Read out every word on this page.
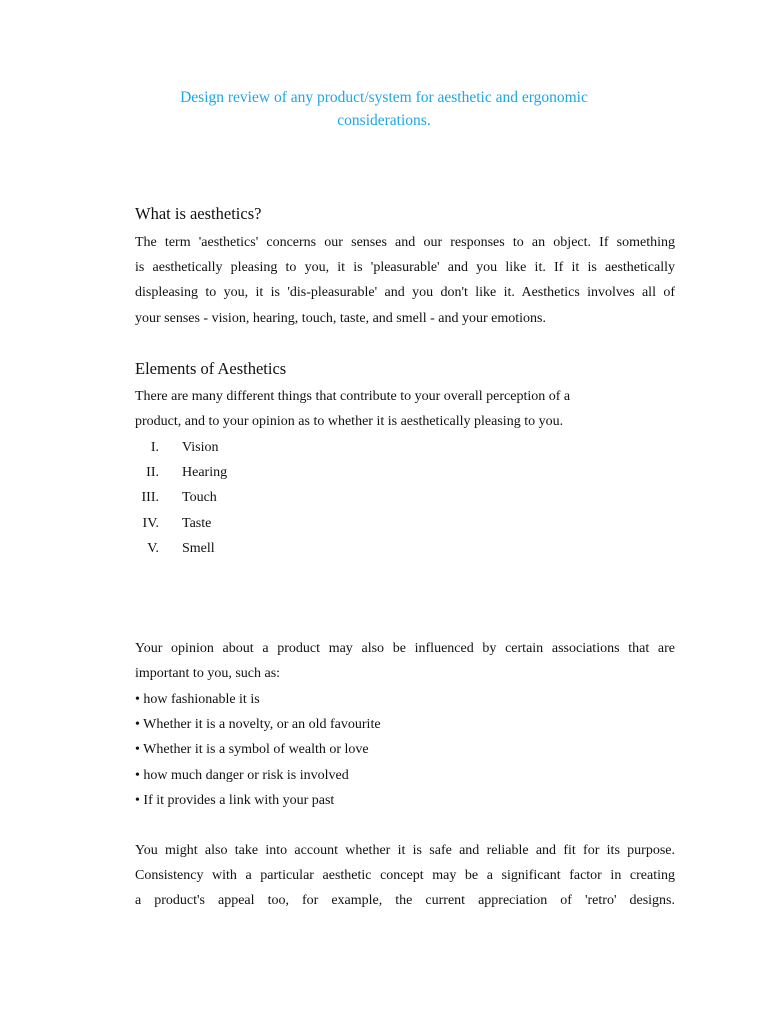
Design review of any product/system for aesthetic and ergonomic
considerations.
What is aesthetics?
The term 'aesthetics' concerns our senses and our responses to an object. If something
is aesthetically pleasing to you, it is 'pleasurable' and you like it. If it is aesthetically
displeasing to you, it is 'dis-pleasurable' and you don't like it. Aesthetics involves all of
your senses - vision, hearing, touch, taste, and smell - and your emotions.
Elements of Aesthetics
There are many different things that contribute to your overall perception of a
product, and to your opinion as to whether it is aesthetically pleasing to you.
I. Vision
II. Hearing
III. Touch
IV. Taste
V. Smell
Your opinion about a product may also be influenced by certain associations that are
important to you, such as:
• how fashionable it is
• Whether it is a novelty, or an old favourite
• Whether it is a symbol of wealth or love
• how much danger or risk is involved
• If it provides a link with your past
You might also take into account whether it is safe and reliable and fit for its purpose.
Consistency with a particular aesthetic concept may be a significant factor in creating
a product's appeal too, for example, the current appreciation of 'retro' designs.
